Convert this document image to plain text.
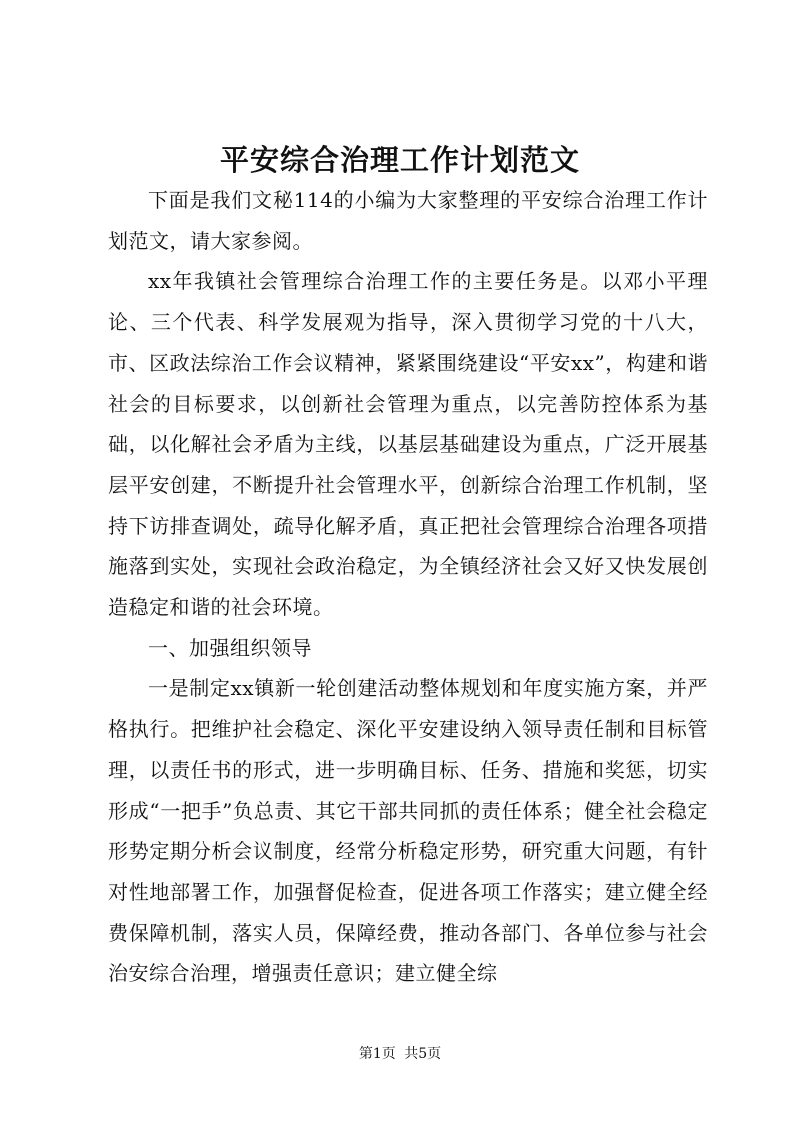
平安综合治理工作计划范文

下面是我们文秘114的小编为大家整理的平安综合治理工作计划范文，请大家参阅。

xx年我镇社会管理综合治理工作的主要任务是。以邓小平理论、三个代表、科学发展观为指导，深入贯彻学习党的十八大，市、区政法综治工作会议精神，紧紧围绕建设“平安xx”，构建和谐社会的目标要求，以创新社会管理为重点，以完善防控体系为基础，以化解社会矛盾为主线，以基层基础建设为重点，广泛开展基层平安创建，不断提升社会管理水平，创新综合治理工作机制，坚持下访排查调处，疏导化解矛盾，真正把社会管理综合治理各项措施落到实处，实现社会政治稳定，为全镇经济社会又好又快发展创造稳定和谐的社会环境。

一、加强组织领导

一是制定xx镇新一轮创建活动整体规划和年度实施方案，并严格执行。把维护社会稳定、深化平安建设纳入领导责任制和目标管理，以责任书的形式，进一步明确目标、任务、措施和奖惩，切实形成“一把手”负总责、其它干部共同抓的责任体系；健全社会稳定形势定期分析会议制度，经常分析稳定形势，研究重大问题，有针对性地部署工作，加强督促检查，促进各项工作落实；建立健全经费保障机制，落实人员，保障经费，推动各部门、各单位参与社会治安综合治理，增强责任意识；建立健全综

第1页 共5页
